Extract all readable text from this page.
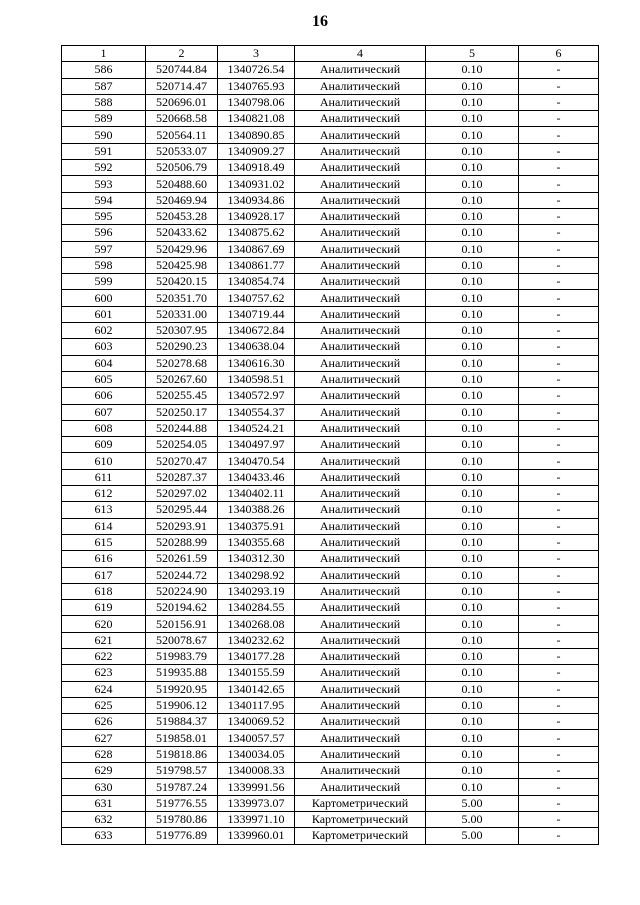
16
1	2	3	4	5	6
586	520744.84	1340726.54	Аналитический	0.10	-
587	520714.47	1340765.93	Аналитический	0.10	-
588	520696.01	1340798.06	Аналитический	0.10	-
589	520668.58	1340821.08	Аналитический	0.10	-
590	520564.11	1340890.85	Аналитический	0.10	-
591	520533.07	1340909.27	Аналитический	0.10	-
592	520506.79	1340918.49	Аналитический	0.10	-
593	520488.60	1340931.02	Аналитический	0.10	-
594	520469.94	1340934.86	Аналитический	0.10	-
595	520453.28	1340928.17	Аналитический	0.10	-
596	520433.62	1340875.62	Аналитический	0.10	-
597	520429.96	1340867.69	Аналитический	0.10	-
598	520425.98	1340861.77	Аналитический	0.10	-
599	520420.15	1340854.74	Аналитический	0.10	-
600	520351.70	1340757.62	Аналитический	0.10	-
601	520331.00	1340719.44	Аналитический	0.10	-
602	520307.95	1340672.84	Аналитический	0.10	-
603	520290.23	1340638.04	Аналитический	0.10	-
604	520278.68	1340616.30	Аналитический	0.10	-
605	520267.60	1340598.51	Аналитический	0.10	-
606	520255.45	1340572.97	Аналитический	0.10	-
607	520250.17	1340554.37	Аналитический	0.10	-
608	520244.88	1340524.21	Аналитический	0.10	-
609	520254.05	1340497.97	Аналитический	0.10	-
610	520270.47	1340470.54	Аналитический	0.10	-
611	520287.37	1340433.46	Аналитический	0.10	-
612	520297.02	1340402.11	Аналитический	0.10	-
613	520295.44	1340388.26	Аналитический	0.10	-
614	520293.91	1340375.91	Аналитический	0.10	-
615	520288.99	1340355.68	Аналитический	0.10	-
616	520261.59	1340312.30	Аналитический	0.10	-
617	520244.72	1340298.92	Аналитический	0.10	-
618	520224.90	1340293.19	Аналитический	0.10	-
619	520194.62	1340284.55	Аналитический	0.10	-
620	520156.91	1340268.08	Аналитический	0.10	-
621	520078.67	1340232.62	Аналитический	0.10	-
622	519983.79	1340177.28	Аналитический	0.10	-
623	519935.88	1340155.59	Аналитический	0.10	-
624	519920.95	1340142.65	Аналитический	0.10	-
625	519906.12	1340117.95	Аналитический	0.10	-
626	519884.37	1340069.52	Аналитический	0.10	-
627	519858.01	1340057.57	Аналитический	0.10	-
628	519818.86	1340034.05	Аналитический	0.10	-
629	519798.57	1340008.33	Аналитический	0.10	-
630	519787.24	1339991.56	Аналитический	0.10	-
631	519776.55	1339973.07	Картометрический	5.00	-
632	519780.86	1339971.10	Картометрический	5.00	-
633	519776.89	1339960.01	Картометрический	5.00	-
